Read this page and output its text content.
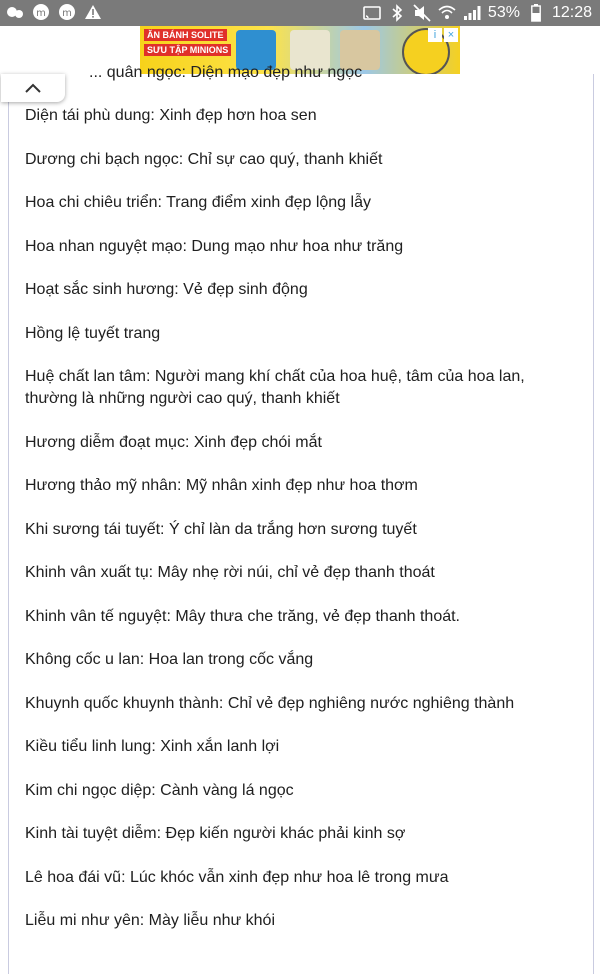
m m	53% 12:28
ĂN BÁNH SOLITE
SƯU TẬP MINIONS
i	×
... quân ngọc: Diện mạo đẹp như ngọc
Diện tái phù dung: Xinh đẹp hơn hoa sen
Dương chi bạch ngọc: Chỉ sự cao quý, thanh khiết
Hoa chi chiêu triển: Trang điểm xinh đẹp lộng lẫy
Hoa nhan nguyệt mạo: Dung mạo như hoa như trăng
Hoạt sắc sinh hương: Vẻ đẹp sinh động
Hồng lệ tuyết trang
Huệ chất lan tâm: Người mang khí chất của hoa huệ, tâm của hoa lan, thường là những người cao quý, thanh khiết
Hương diễm đoạt mục: Xinh đẹp chói mắt
Hương thảo mỹ nhân: Mỹ nhân xinh đẹp như hoa thơm
Khi sương tái tuyết: Ý chỉ làn da trắng hơn sương tuyết
Khinh vân xuất tụ: Mây nhẹ rời núi, chỉ vẻ đẹp thanh thoát
Khinh vân tế nguyệt: Mây thưa che trăng, vẻ đẹp thanh thoát.
Không cốc u lan: Hoa lan trong cốc vắng
Khuynh quốc khuynh thành: Chỉ vẻ đẹp nghiêng nước nghiêng thành
Kiều tiểu linh lung: Xinh xắn lanh lợi
Kim chi ngọc diệp: Cành vàng lá ngọc
Kinh tài tuyệt diễm: Đẹp kiến người khác phải kinh sợ
Lê hoa đái vũ: Lúc khóc vẫn xinh đẹp như hoa lê trong mưa
Liễu mi như yên: Mày liễu như khói
